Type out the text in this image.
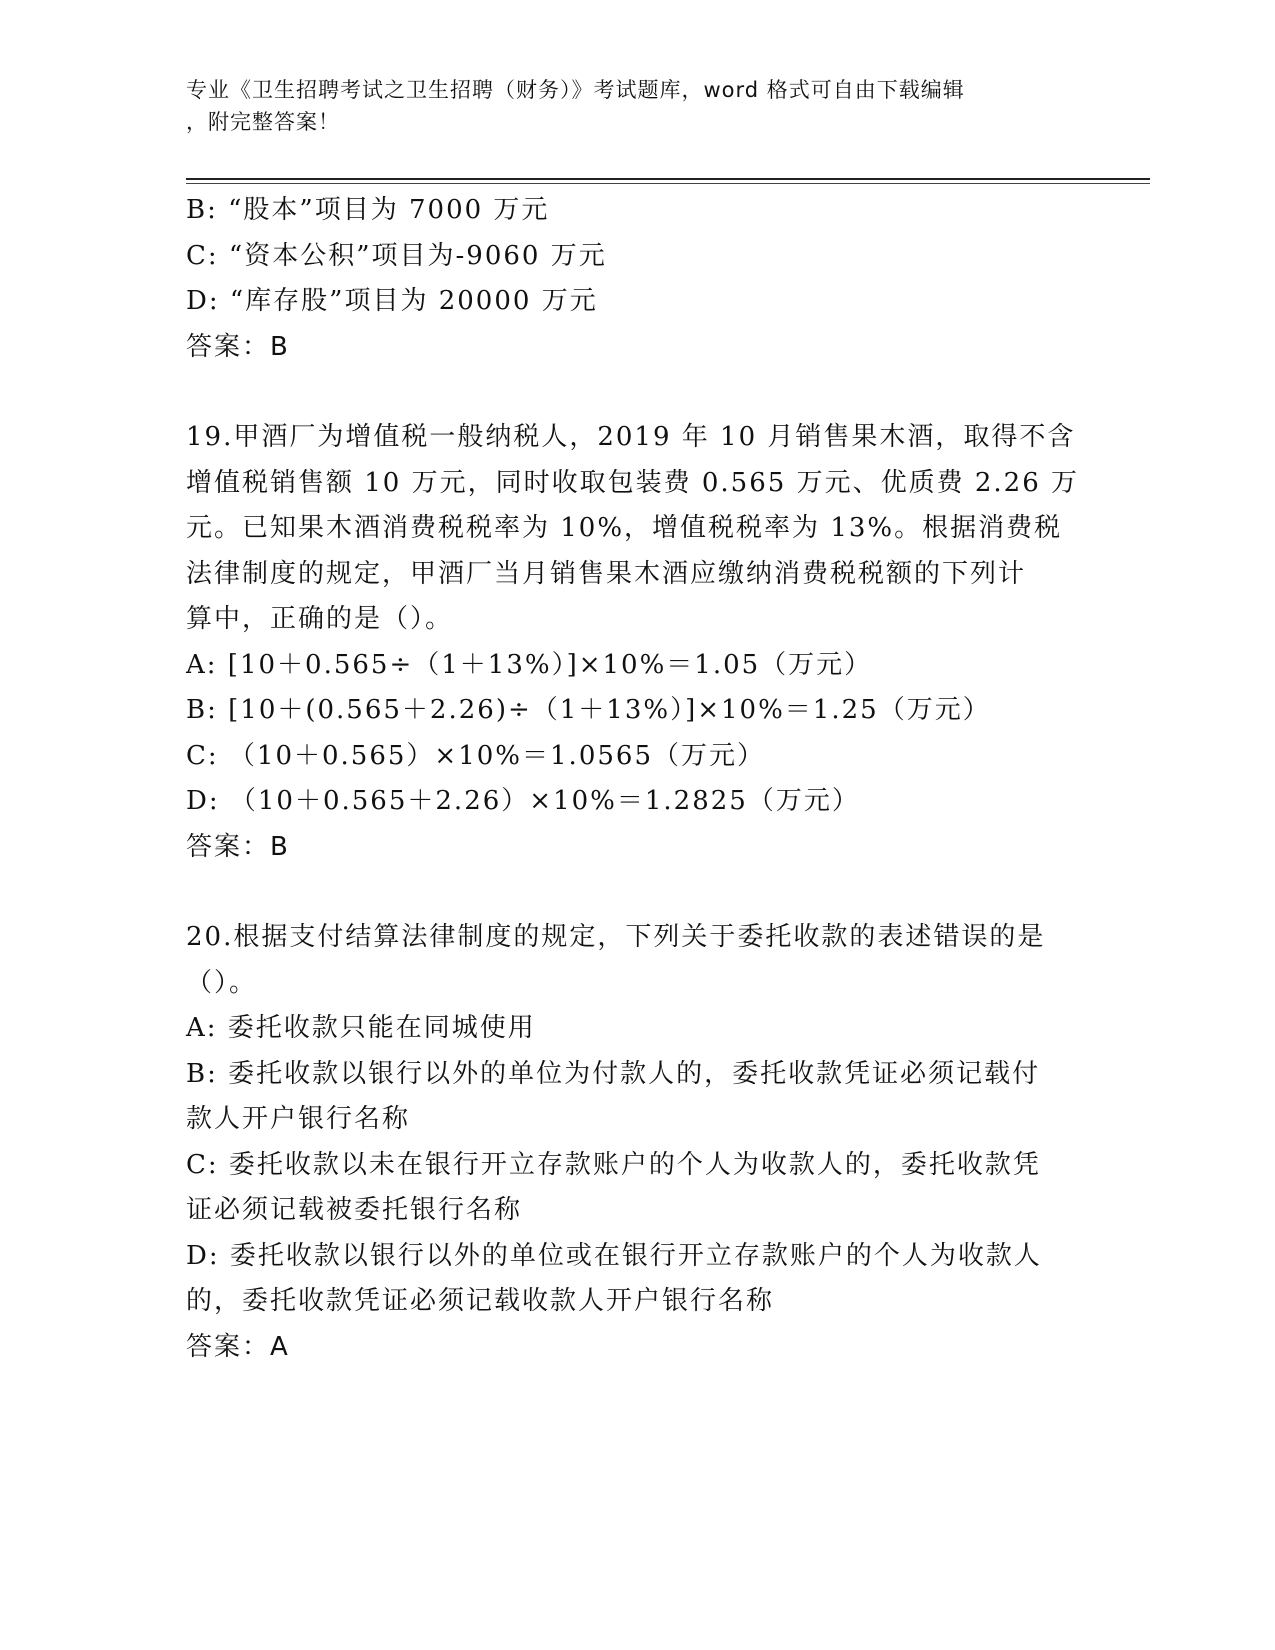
专业《卫生招聘考试之卫生招聘（财务）》考试题库，word 格式可自由下载编辑
，附完整答案！
B: “股本”项目为 7000 万元
C: “资本公积”项目为-9060 万元
D: “库存股”项目为 20000 万元
答案：B
19.甲酒厂为增值税一般纳税人，2019 年 10 月销售果木酒，取得不含
增值税销售额 10 万元，同时收取包装费 0.565 万元、优质费 2.26 万
元。已知果木酒消费税税率为 10%，增值税税率为 13%。根据消费税
法律制度的规定，甲酒厂当月销售果木酒应缴纳消费税税额的下列计
算中，正确的是（）。
A: [10＋0.565÷（1＋13%）]×10%＝1.05（万元）
B: [10＋(0.565＋2.26)÷（1＋13%）]×10%＝1.25（万元）
C: （10＋0.565）×10%＝1.0565（万元）
D: （10＋0.565＋2.26）×10%＝1.2825（万元）
答案：B
20.根据支付结算法律制度的规定，下列关于委托收款的表述错误的是
（）。
A: 委托收款只能在同城使用
B: 委托收款以银行以外的单位为付款人的，委托收款凭证必须记载付
款人开户银行名称
C: 委托收款以未在银行开立存款账户的个人为收款人的，委托收款凭
证必须记载被委托银行名称
D: 委托收款以银行以外的单位或在银行开立存款账户的个人为收款人
的，委托收款凭证必须记载收款人开户银行名称
答案：A
